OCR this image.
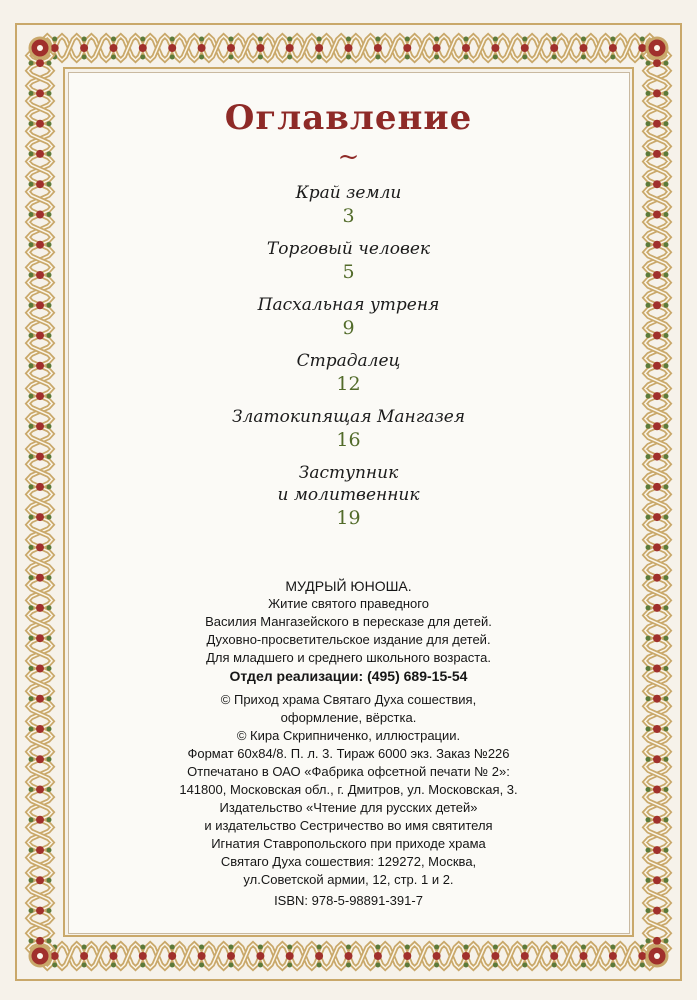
Оглавление
~
Край земли
3
Торговый человек
5
Пасхальная утреня
9
Страдалец
12
Златокипящая Мангазея
16
Заступник
и молитвенник
19
МУДРЫЙ ЮНОША.
Житие святого праведного
Василия Мангазейского в пересказе для детей.
Духовно-просветительское издание для детей.
Для младшего и среднего школьного возраста.
Отдел реализации: (495) 689-15-54
© Приход храма Святаго Духа сошествия,
оформление, вёрстка.
© Кира Скрипниченко, иллюстрации.
Формат 60х84/8. П. л. 3. Тираж 6000 экз. Заказ №226
Отпечатано в ОАО «Фабрика офсетной печати № 2»:
141800, Московская обл., г. Дмитров, ул. Московская, 3.
Издательство «Чтение для русских детей»
и издательство Сестричество во имя святителя
Игнатия Ставропольского при приходе храма
Святаго Духа сошествия: 129272, Москва,
ул.Советской армии, 12, стр. 1 и 2.
ISBN: 978-5-98891-391-7
